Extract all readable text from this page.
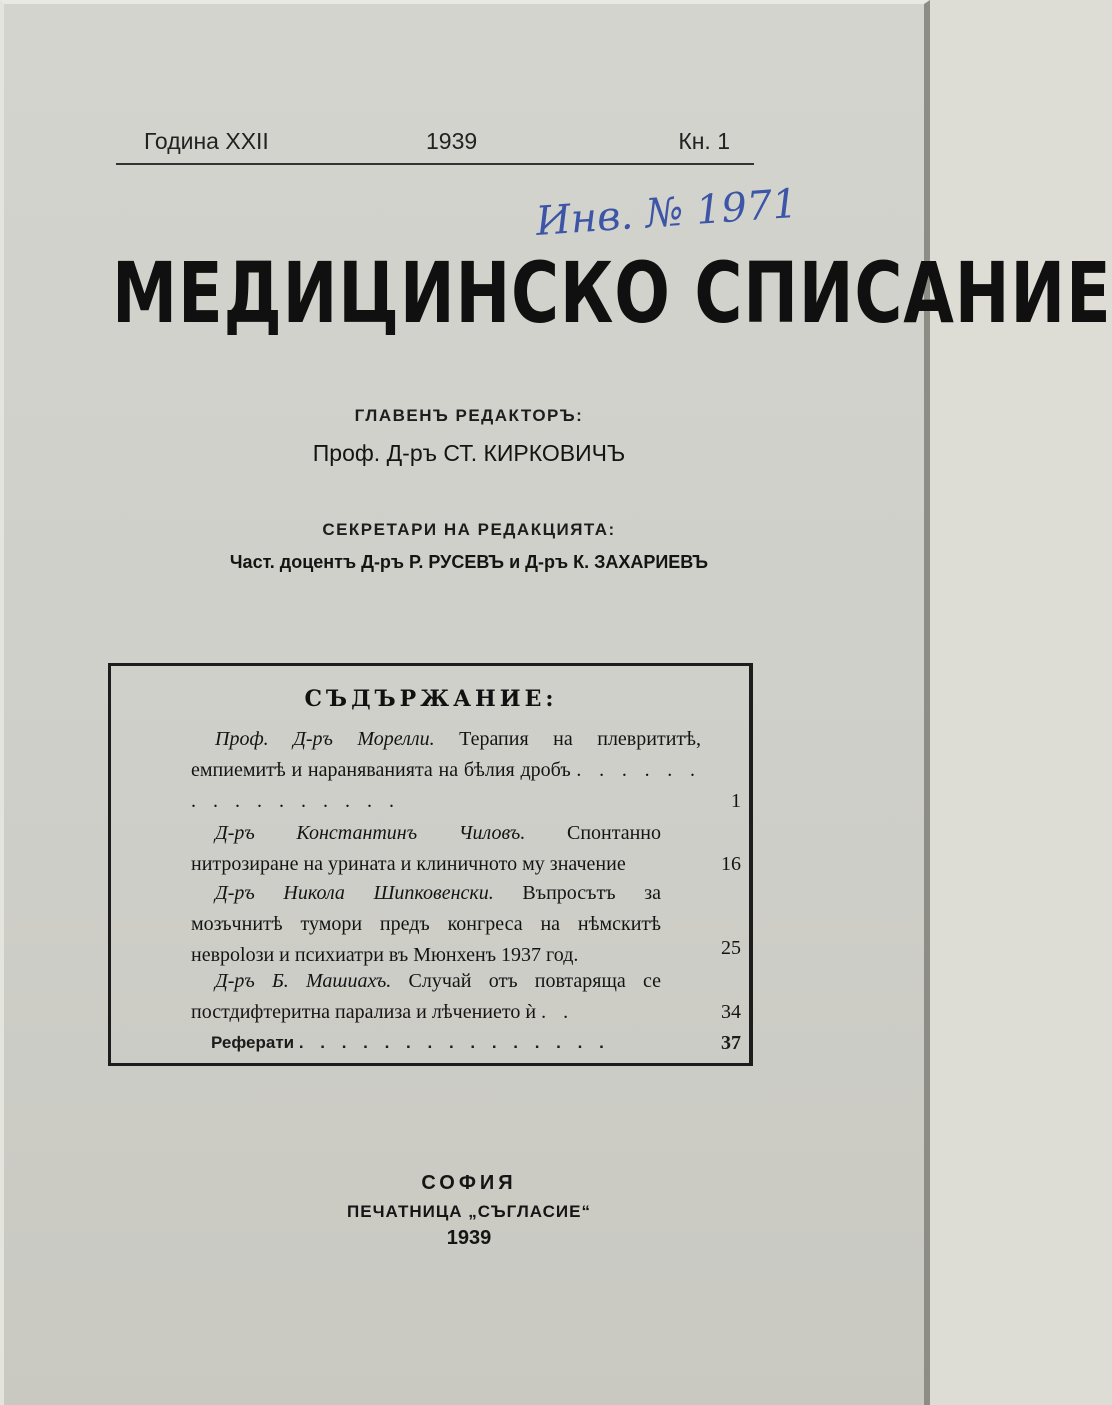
Година XXII	1939	Кн. 1
Инв. № 1971
МЕДИЦИНСКО СПИСАНИЕ
ГЛАВЕНЪ РЕДАКТОРЪ:
Проф. Д-ръ СТ. КИРКОВИЧЪ
СЕКРЕТАРИ НА РЕДАКЦИЯТА:
Част. доцентъ Д-ръ Р. РУСЕВЪ и Д-ръ К. ЗАХАРИЕВЪ
СЪДЪРЖАНИЕ:
Проф. Д-ръ Морелли. Терапия на плеврититѣ, емпиемитѣ и нараняванията на бѣлия дробъ . . . . . . . . . . . . . . . .	1
Д-ръ Константинъ Чиловъ. Спонтанно нитрозиране на урината и клиничното му значение	16
Д-ръ Никола Шипковенски. Въпросътъ за мозъчнитѣ тумори предъ конгреса на нѣмскитѣ неврolози и психиатри въ Мюнхенъ 1937 год.	25
Д-ръ Б. Машиахъ. Случай отъ повтаряща се постдифтеритна парализа и лѣчението ѝ . .	34
Реферати . . . . . . . . . . . . . . .	37
СОФИЯ
ПЕЧАТНИЦА „СЪГЛАСИЕ“
1939
